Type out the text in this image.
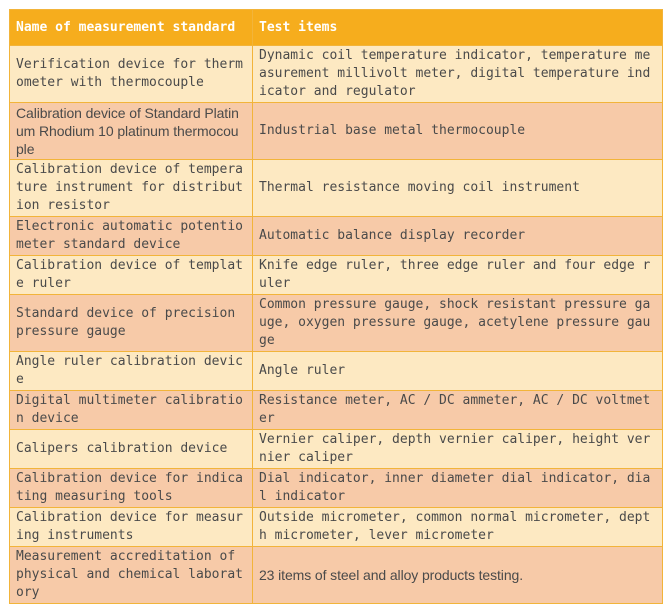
Name of measurement standard	Test items
Verification device for thermometer with thermocouple	Dynamic coil temperature indicator, temperature measurement millivolt meter, digital temperature indicator and regulator
Calibration device of Standard Platinum Rhodium 10 platinum thermocouple	Industrial base metal thermocouple
Calibration device of temperature instrument for distribution resistor	Thermal resistance moving coil instrument
Electronic automatic potentiometer standard device	Automatic balance display recorder
Calibration device of template ruler	Knife edge ruler, three edge ruler and four edge ruler
Standard device of precision pressure gauge	Common pressure gauge, shock resistant pressure gauge, oxygen pressure gauge, acetylene pressure gauge
Angle ruler calibration device	Angle ruler
Digital multimeter calibration device	Resistance meter, AC / DC ammeter, AC / DC voltmeter
Calipers calibration device	Vernier caliper, depth vernier caliper, height vernier caliper
Calibration device for indicating measuring tools	Dial indicator, inner diameter dial indicator, dial indicator
Calibration device for measuring instruments	Outside micrometer, common normal micrometer, depth micrometer, lever micrometer
Measurement accreditation of physical and chemical laboratory	23 items of steel and alloy products testing.
